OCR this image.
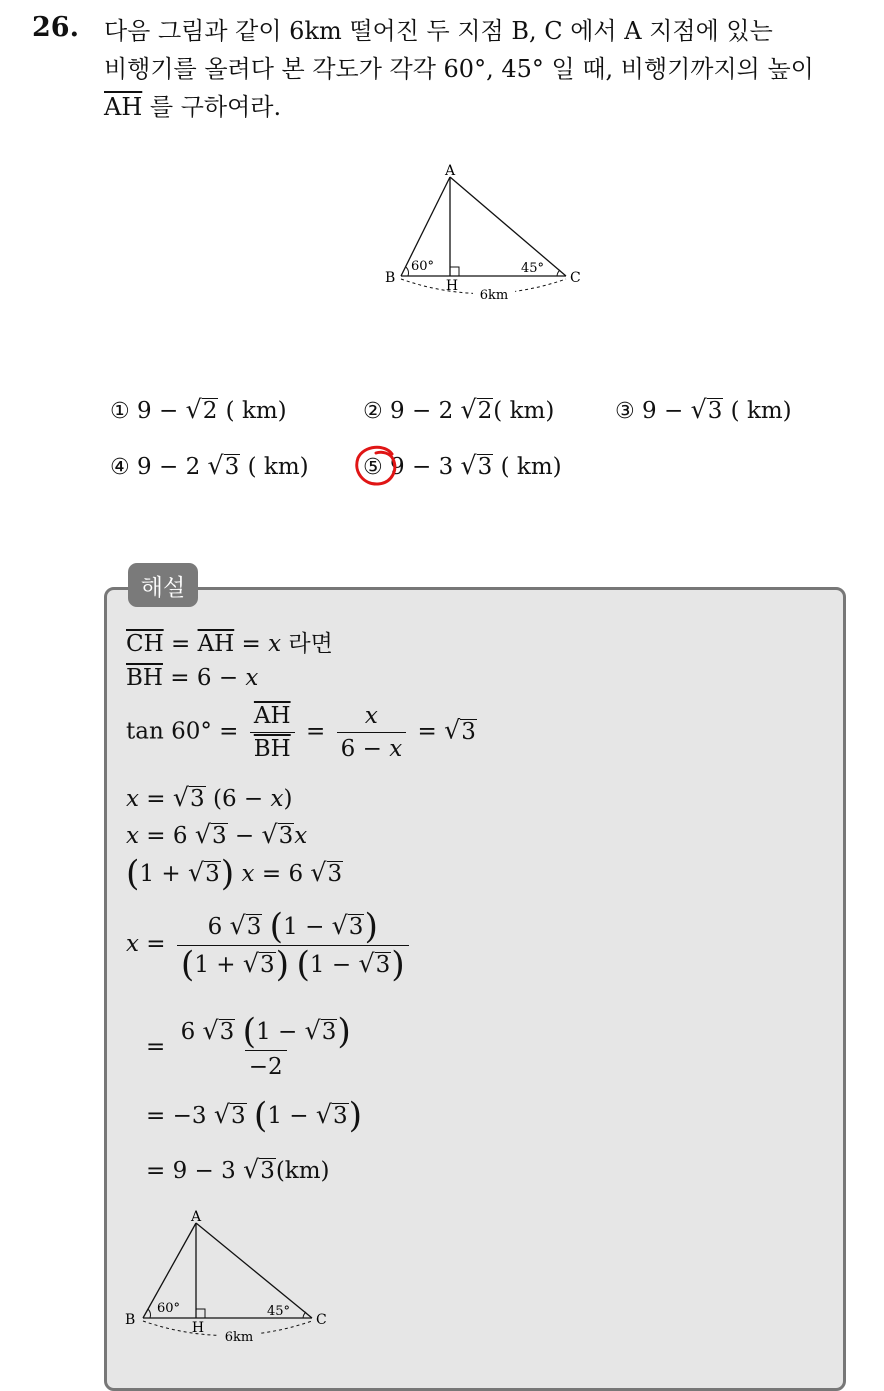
26. 다음 그림과 같이 6km 떨어진 두 지점 B, C 에서 A 지점에 있는
비행기를 올려다 본 각도가 각각 60°, 45° 일 때, 비행기까지의 높이
$\overline{AH}$ 를 구하여라.
A
B	C
H
60°	45°
6km
① 9 − √2 ( km)	② 9 − 2 √2( km)	③ 9 − √3 ( km)
④ 9 − 2 √3 ( km) ⑤ 9 − 3 √3 ( km)
해설
$\overline{CH} = \overline{AH} = x$ 라면
$\overline{BH} = 6 - x$
$\tan 60^\circ = \frac{\overline{AH}}{BH} = \frac{x}{6 - x} = √3$
x = √3 (6 − x)
x = 6 √3 − √3x
(1 + √3) x = 6 √3
$x = \frac{6 √3 (1 - √3)}{(1 + √3) (1 - √3)}$
= $\frac{6 √3 (1 - √3)}{-2}$
= −3 √3 (1 − √3)
= 9 − 3 √3(km)
A
B	C
H
60°	45°
6km
